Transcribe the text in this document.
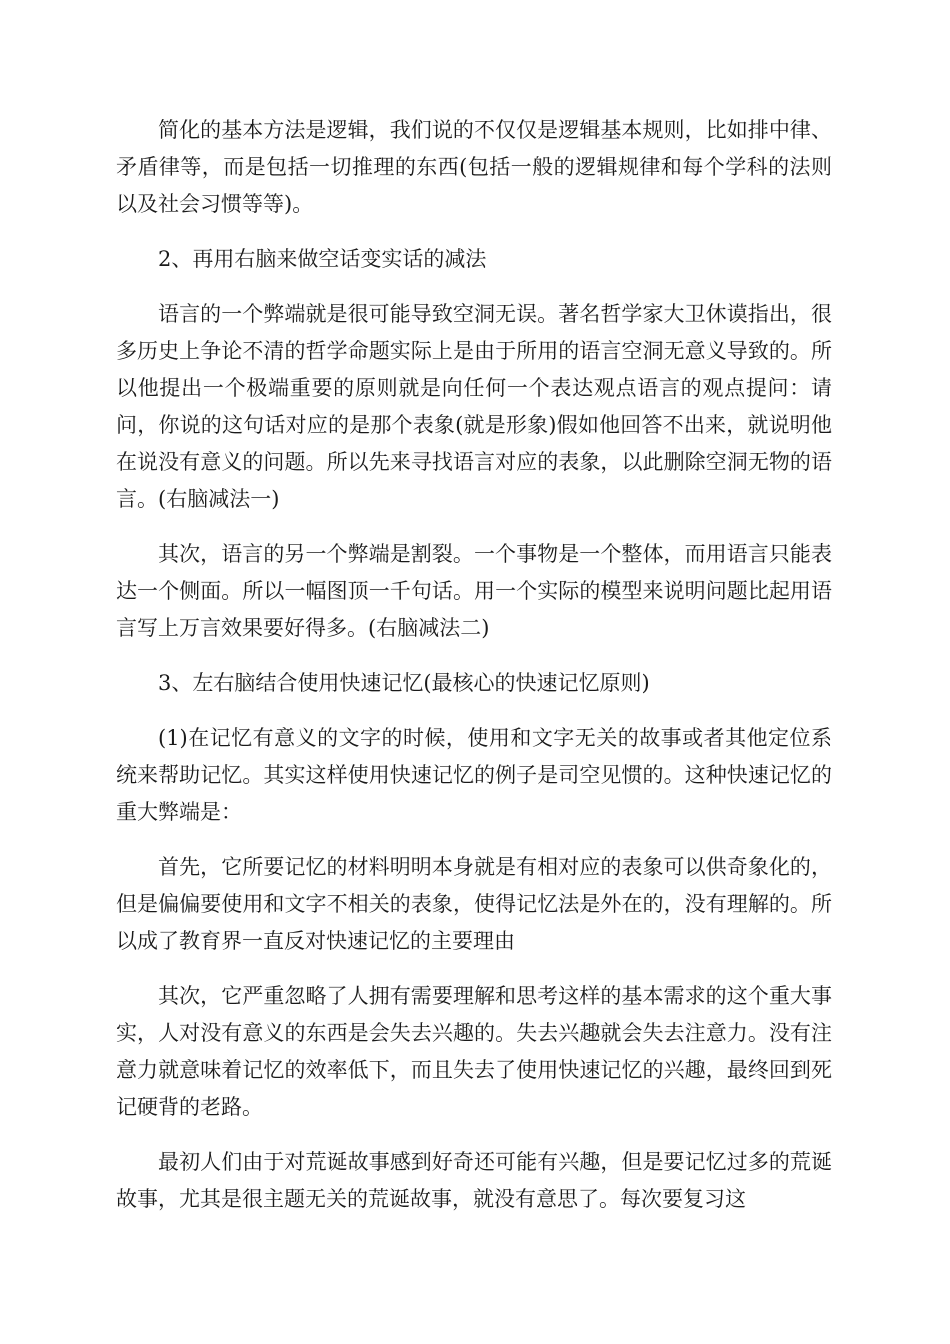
简化的基本方法是逻辑，我们说的不仅仅是逻辑基本规则，比如排中律、矛盾律等，而是包括一切推理的东西(包括一般的逻辑规律和每个学科的法则以及社会习惯等等)。

2、再用右脑来做空话变实话的减法

语言的一个弊端就是很可能导致空洞无误。著名哲学家大卫休谟指出，很多历史上争论不清的哲学命题实际上是由于所用的语言空洞无意义导致的。所以他提出一个极端重要的原则就是向任何一个表达观点语言的观点提问：请问，你说的这句话对应的是那个表象(就是形象)假如他回答不出来，就说明他在说没有意义的问题。所以先来寻找语言对应的表象，以此删除空洞无物的语言。(右脑减法一)

其次，语言的另一个弊端是割裂。一个事物是一个整体，而用语言只能表达一个侧面。所以一幅图顶一千句话。用一个实际的模型来说明问题比起用语言写上万言效果要好得多。(右脑减法二)

3、左右脑结合使用快速记忆(最核心的快速记忆原则)

(1)在记忆有意义的文字的时候，使用和文字无关的故事或者其他定位系统来帮助记忆。其实这样使用快速记忆的例子是司空见惯的。这种快速记忆的重大弊端是：

首先，它所要记忆的材料明明本身就是有相对应的表象可以供奇象化的，但是偏偏要使用和文字不相关的表象，使得记忆法是外在的，没有理解的。所以成了教育界一直反对快速记忆的主要理由

其次，它严重忽略了人拥有需要理解和思考这样的基本需求的这个重大事实，人对没有意义的东西是会失去兴趣的。失去兴趣就会失去注意力。没有注意力就意味着记忆的效率低下，而且失去了使用快速记忆的兴趣，最终回到死记硬背的老路。

最初人们由于对荒诞故事感到好奇还可能有兴趣，但是要记忆过多的荒诞故事，尤其是很主题无关的荒诞故事，就没有意思了。每次要复习这
